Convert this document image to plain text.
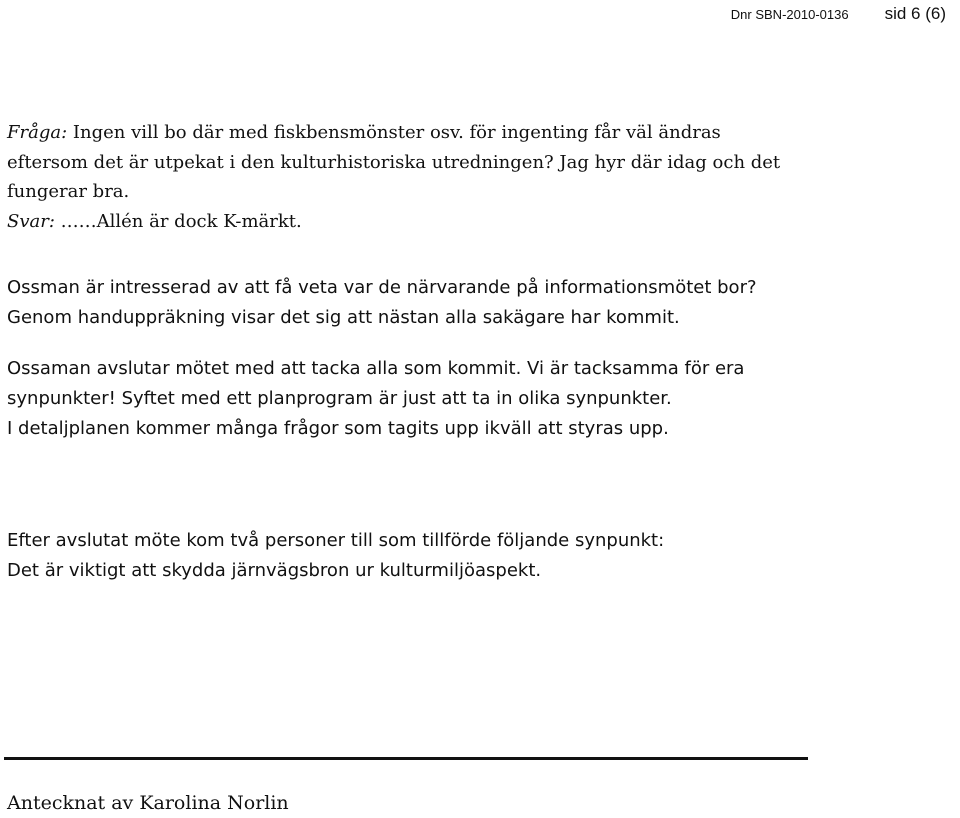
Dnr SBN-2010-0136 sid 6 (6)

Fråga: Ingen vill bo där med fiskbensmönster osv. för ingenting får väl ändras

eftersom det är utpekat i den kulturhistoriska utredningen? Jag hyr där idag och det

fungerar bra.

Svar: ……Allén är dock K-märkt.

Ossman är intresserad av att få veta var de närvarande på informationsmötet bor?

Genom handuppräkning visar det sig att nästan alla sakägare har kommit.

Ossaman avslutar mötet med att tacka alla som kommit. Vi är tacksamma för era

synpunkter! Syftet med ett planprogram är just att ta in olika synpunkter.

I detaljplanen kommer många frågor som tagits upp ikväll att styras upp.

Efter avslutat möte kom två personer till som tillförde följande synpunkt:

Det är viktigt att skydda järnvägsbron ur kulturmiljöaspekt.

Antecknat av Karolina Norlin
